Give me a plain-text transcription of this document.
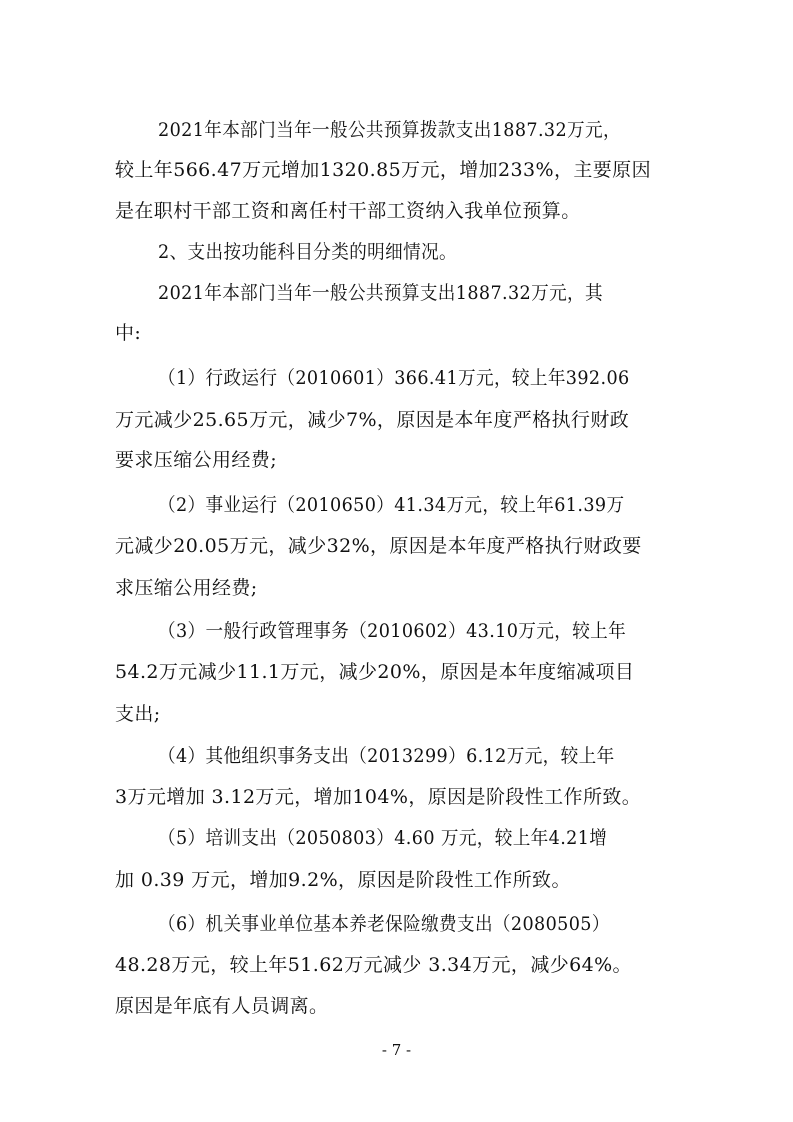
2021年本部门当年一般公共预算拨款支出1887.32万元，
较上年566.47万元增加1320.85万元，增加233%，主要原因
是在职村干部工资和离任村干部工资纳入我单位预算。
2、支出按功能科目分类的明细情况。
2021年本部门当年一般公共预算支出1887.32万元，其
中:
（1）行政运行（2010601）366.41万元，较上年392.06
万元减少25.65万元，减少7%，原因是本年度严格执行财政
要求压缩公用经费;
（2）事业运行（2010650）41.34万元，较上年61.39万
元减少20.05万元，减少32%，原因是本年度严格执行财政要
求压缩公用经费;
（3）一般行政管理事务（2010602）43.10万元，较上年
54.2万元减少11.1万元，减少20%，原因是本年度缩减项目
支出;
（4）其他组织事务支出（2013299）6.12万元，较上年
3万元增加 3.12万元，增加104%，原因是阶段性工作所致。
（5）培训支出（2050803）4.60 万元，较上年4.21增
加 0.39 万元，增加9.2%，原因是阶段性工作所致。
（6）机关事业单位基本养老保险缴费支出（2080505）
48.28万元，较上年51.62万元减少 3.34万元，减少64%。
原因是年底有人员调离。
- 7 -
